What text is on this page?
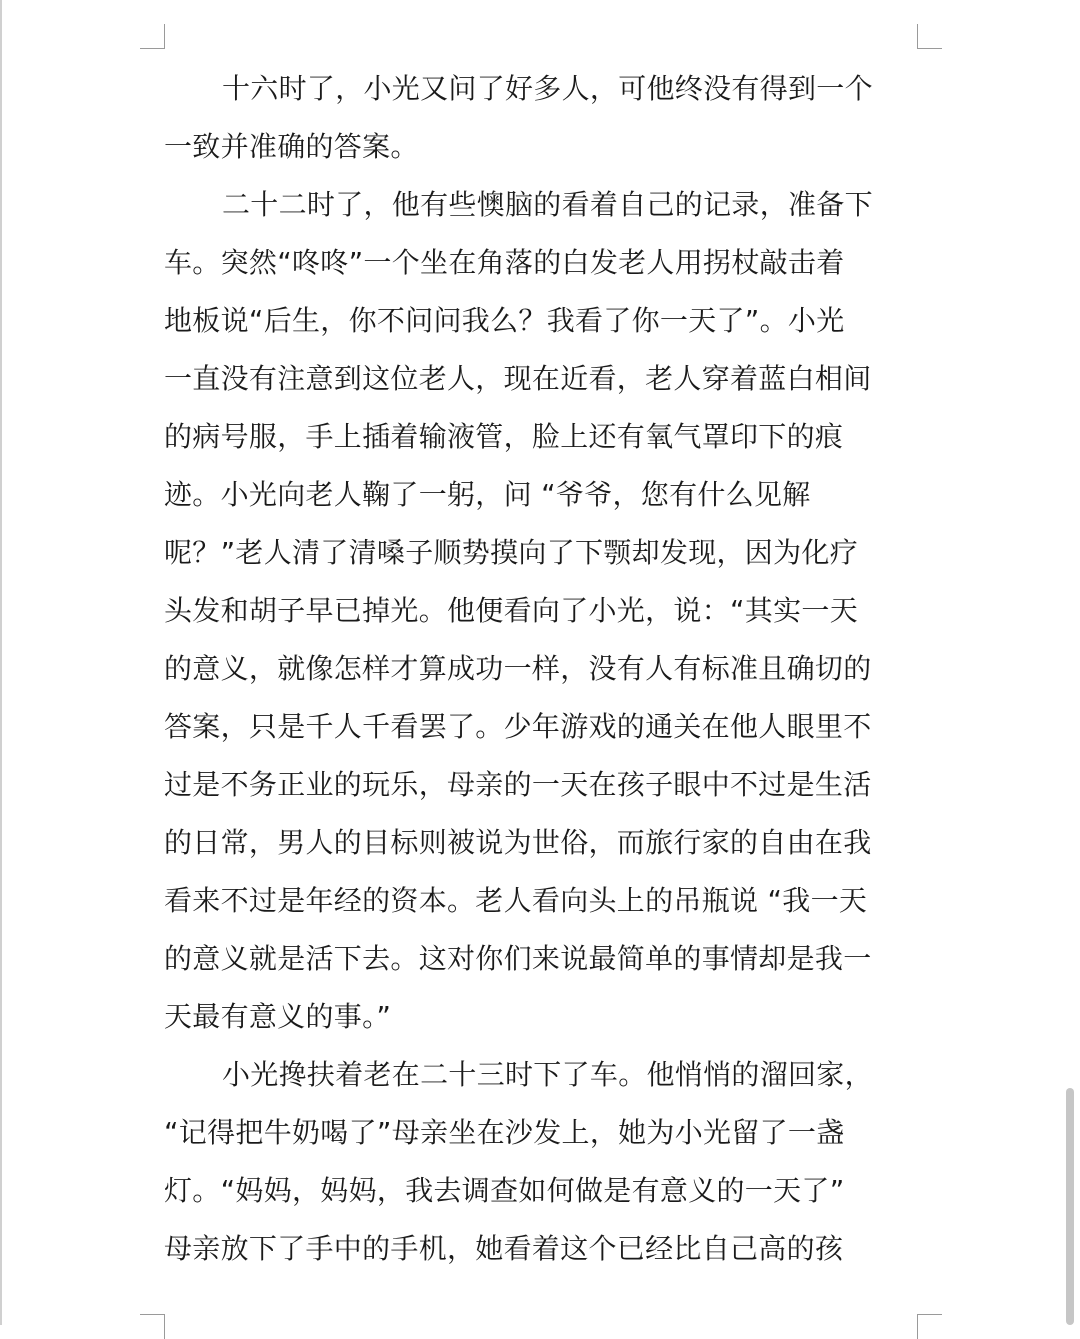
十六时了，小光又问了好多人，可他终没有得到一个
一致并准确的答案。
二十二时了，他有些懊脑的看着自己的记录，准备下
车。突然“咚咚”一个坐在角落的白发老人用拐杖敲击着
地板说“后生，你不问问我么？我看了你一天了”。小光
一直没有注意到这位老人，现在近看，老人穿着蓝白相间
的病号服，手上插着输液管，脸上还有氧气罩印下的痕
迹。小光向老人鞠了一躬，问 “爷爷，您有什么见解
呢？”老人清了清嗓子顺势摸向了下颚却发现，因为化疗
头发和胡子早已掉光。他便看向了小光，说：“其实一天
的意义，就像怎样才算成功一样，没有人有标准且确切的
答案，只是千人千看罢了。少年游戏的通关在他人眼里不
过是不务正业的玩乐，母亲的一天在孩子眼中不过是生活
的日常，男人的目标则被说为世俗，而旅行家的自由在我
看来不过是年经的资本。老人看向头上的吊瓶说 “我一天
的意义就是活下去。这对你们来说最简单的事情却是我一
天最有意义的事。”
小光搀扶着老在二十三时下了车。他悄悄的溜回家，
“记得把牛奶喝了”母亲坐在沙发上，她为小光留了一盏
灯。“妈妈，妈妈，我去调查如何做是有意义的一天了”
母亲放下了手中的手机，她看着这个已经比自己高的孩
